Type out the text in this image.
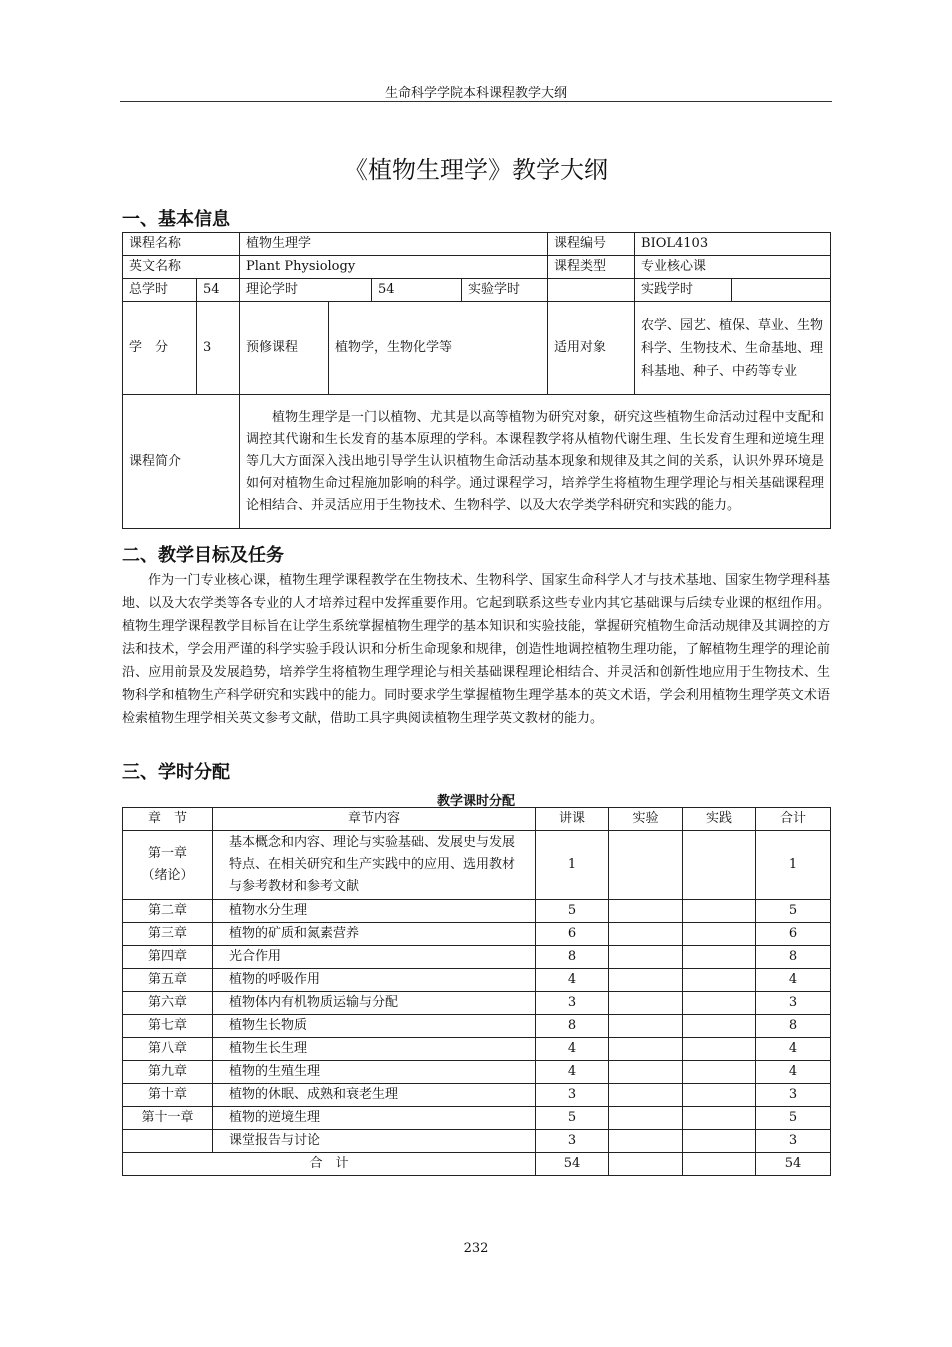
生命科学学院本科课程教学大纲
《植物生理学》教学大纲
一、基本信息
课程名称		植物生理学				课程编号	BIOL4103	
英文名称		Plant Physiology				课程类型	专业核心课	
总学时	54	理论学时		54	实验学时		实践学时	
学　分	3	预修课程	植物学，生物化学等			适用对象	农学、园艺、植保、草业、生物科学、生物技术、生命基地、理科基地、种子、中药等专业	
课程简介		植物生理学是一门以植物、尤其是以高等植物为研究对象，研究这些植物生命活动过程中支配和调控其代谢和生长发育的基本原理的学科。本课程教学将从植物代谢生理、生长发育生理和逆境生理等几大方面深入浅出地引导学生认识植物生命活动基本现象和规律及其之间的关系，认识外界环境是如何对植物生命过程施加影响的科学。通过课程学习，培养学生将植物生理学理论与相关基础课程理论相结合、并灵活应用于生物技术、生物科学、以及大农学类学科研究和实践的能力。						
二、教学目标及任务
作为一门专业核心课，植物生理学课程教学在生物技术、生物科学、国家生命科学人才与技术基地、国家生物学理科基地、以及大农学类等各专业的人才培养过程中发挥重要作用。它起到联系这些专业内其它基础课与后续专业课的枢纽作用。植物生理学课程教学目标旨在让学生系统掌握植物生理学的基本知识和实验技能，掌握研究植物生命活动规律及其调控的方法和技术，学会用严谨的科学实验手段认识和分析生命现象和规律，创造性地调控植物生理功能，了解植物生理学的理论前沿、应用前景及发展趋势，培养学生将植物生理学理论与相关基础课程理论相结合、并灵活和创新性地应用于生物技术、生物科学和植物生产科学研究和实践中的能力。同时要求学生掌握植物生理学基本的英文术语，学会利用植物生理学英文术语检索植物生理学相关英文参考文献，借助工具字典阅读植物生理学英文教材的能力。
三、学时分配
教学课时分配
章　节	章节内容	讲课	实验	实践	合计
第一章
（绪论）	基本概念和内容、理论与实验基础、发展史与发展特点、在相关研究和生产实践中的应用、选用教材与参考教材和参考文献	1			1
第二章	植物水分生理	5			5
第三章	植物的矿质和氮素营养	6			6
第四章	光合作用	8			8
第五章	植物的呼吸作用	4			4
第六章	植物体内有机物质运输与分配	3			3
第七章	植物生长物质	8			8
第八章	植物生长生理	4			4
第九章	植物的生殖生理	4			4
第十章	植物的休眠、成熟和衰老生理	3			3
第十一章	植物的逆境生理	5			5
	课堂报告与讨论	3			3
合　计		54			54
232
